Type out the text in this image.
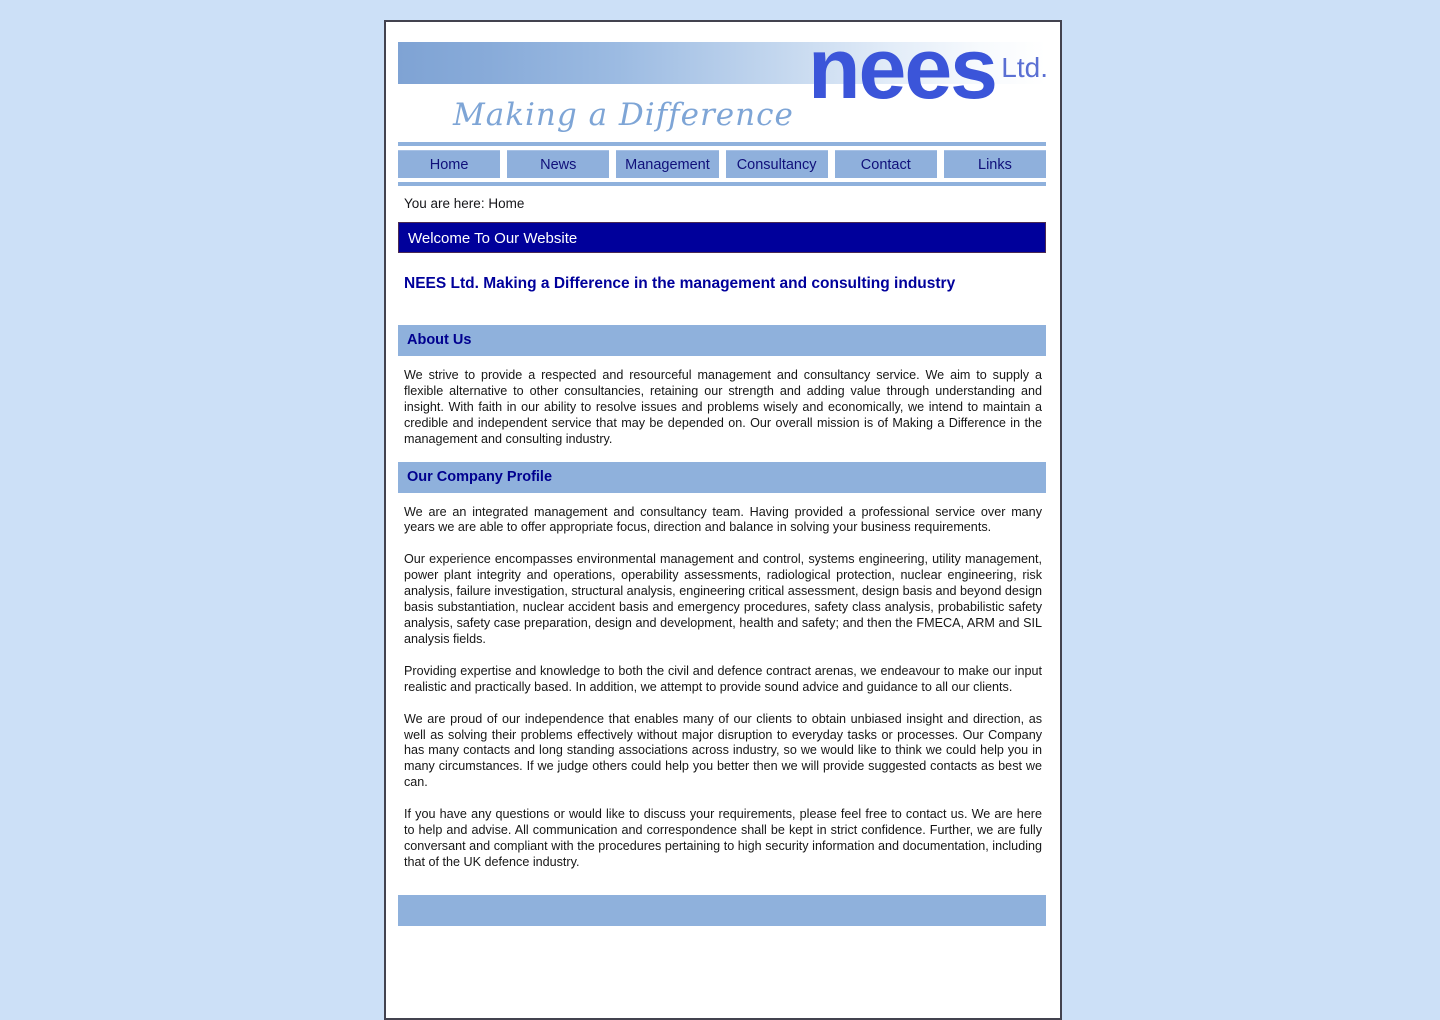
nees Ltd.
Making a Difference
Home	News	Management	Consultancy	Contact	Links
You are here: Home
Welcome To Our Website
NEES Ltd. Making a Difference in the management and consulting industry
About Us

We strive to provide a respected and resourceful management and consultancy service. We aim to supply a flexible alternative to other consultancies, retaining our strength and adding value through understanding and insight. With faith in our ability to resolve issues and problems wisely and economically, we intend to maintain a credible and independent service that may be depended on. Our overall mission is of Making a Difference in the management and consulting industry.

Our Company Profile

We are an integrated management and consultancy team. Having provided a professional service over many years we are able to offer appropriate focus, direction and balance in solving your business requirements.

Our experience encompasses environmental management and control, systems engineering, utility management, power plant integrity and operations, operability assessments, radiological protection, nuclear engineering, risk analysis, failure investigation, structural analysis, engineering critical assessment, design basis and beyond design basis substantiation, nuclear accident basis and emergency procedures, safety class analysis, probabilistic safety analysis, safety case preparation, design and development, health and safety; and then the FMECA, ARM and SIL analysis fields.

Providing expertise and knowledge to both the civil and defence contract arenas, we endeavour to make our input realistic and practically based. In addition, we attempt to provide sound advice and guidance to all our clients.

We are proud of our independence that enables many of our clients to obtain unbiased insight and direction, as well as solving their problems effectively without major disruption to everyday tasks or processes. Our Company has many contacts and long standing associations across industry, so we would like to think we could help you in many circumstances. If we judge others could help you better then we will provide suggested contacts as best we can.

If you have any questions or would like to discuss your requirements, please feel free to contact us. We are here to help and advise. All communication and correspondence shall be kept in strict confidence. Further, we are fully conversant and compliant with the procedures pertaining to high security information and documentation, including that of the UK defence industry.
